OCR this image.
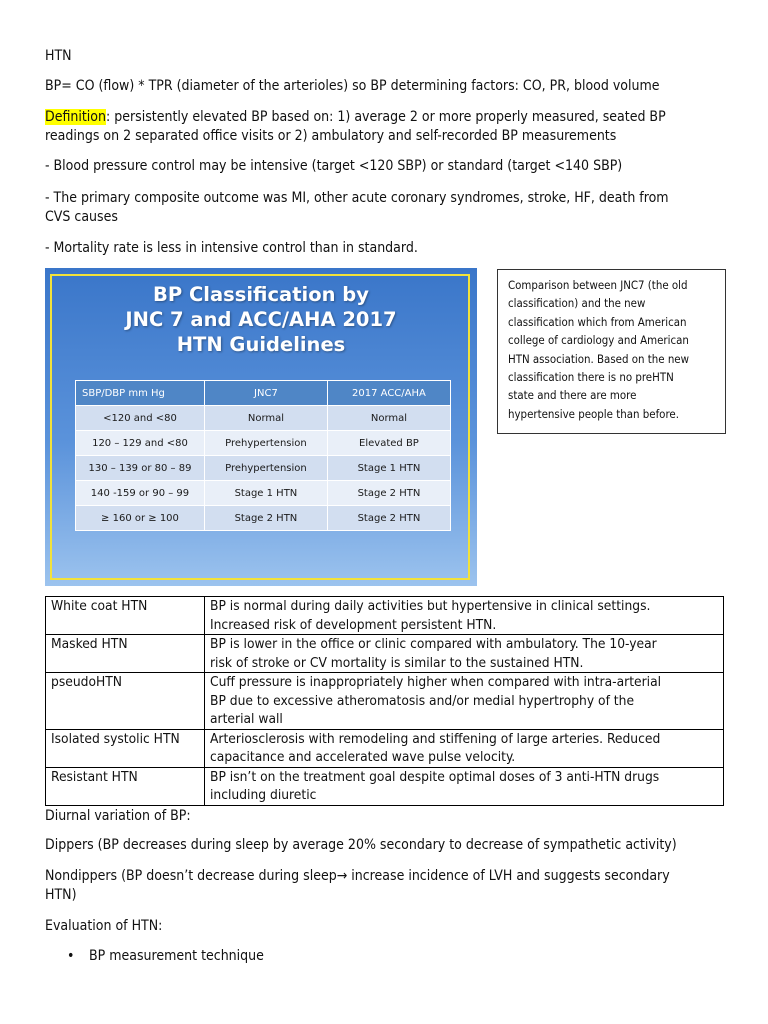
HTN

BP= CO (flow) * TPR (diameter of the arterioles) so BP determining factors: CO, PR, blood volume

Definition: persistently elevated BP based on: 1) average 2 or more properly measured, seated BP
readings on 2 separated office visits or 2) ambulatory and self-recorded BP measurements

- Blood pressure control may be intensive (target <120 SBP) or standard (target <140 SBP)

- The primary composite outcome was MI, other acute coronary syndromes, stroke, HF, death from
CVS causes

- Mortality rate is less in intensive control than in standard.

BP Classification by
JNC 7 and ACC/AHA 2017
HTN Guidelines
SBP/DBP mm Hg	JNC7	2017 ACC/AHA
<120 and <80	Normal	Normal
120 – 129 and <80	Prehypertension	Elevated BP
130 – 139 or 80 – 89	Prehypertension	Stage 1 HTN
140 -159 or 90 – 99	Stage 1 HTN	Stage 2 HTN
≥ 160 or ≥ 100	Stage 2 HTN	Stage 2 HTN
Comparison between JNC7 (the old
classification) and the new
classification which from American
college of cardiology and American
HTN association. Based on the new
classification there is no preHTN
state and there are more
hypertensive people than before.
White coat HTN	BP is normal during daily activities but hypertensive in clinical settings.
Increased risk of development persistent HTN.
Masked HTN	BP is lower in the office or clinic compared with ambulatory. The 10-year
risk of stroke or CV mortality is similar to the sustained HTN.
pseudoHTN	Cuff pressure is inappropriately higher when compared with intra-arterial
BP due to excessive atheromatosis and/or medial hypertrophy of the
arterial wall
Isolated systolic HTN	Arteriosclerosis with remodeling and stiffening of large arteries. Reduced
capacitance and accelerated wave pulse velocity.
Resistant HTN	BP isn’t on the treatment goal despite optimal doses of 3 anti-HTN drugs
including diuretic

Diurnal variation of BP:

Dippers (BP decreases during sleep by average 20% secondary to decrease of sympathetic activity)

Nondippers (BP doesn’t decrease during sleep→ increase incidence of LVH and suggests secondary
HTN)

Evaluation of HTN:

• BP measurement technique
